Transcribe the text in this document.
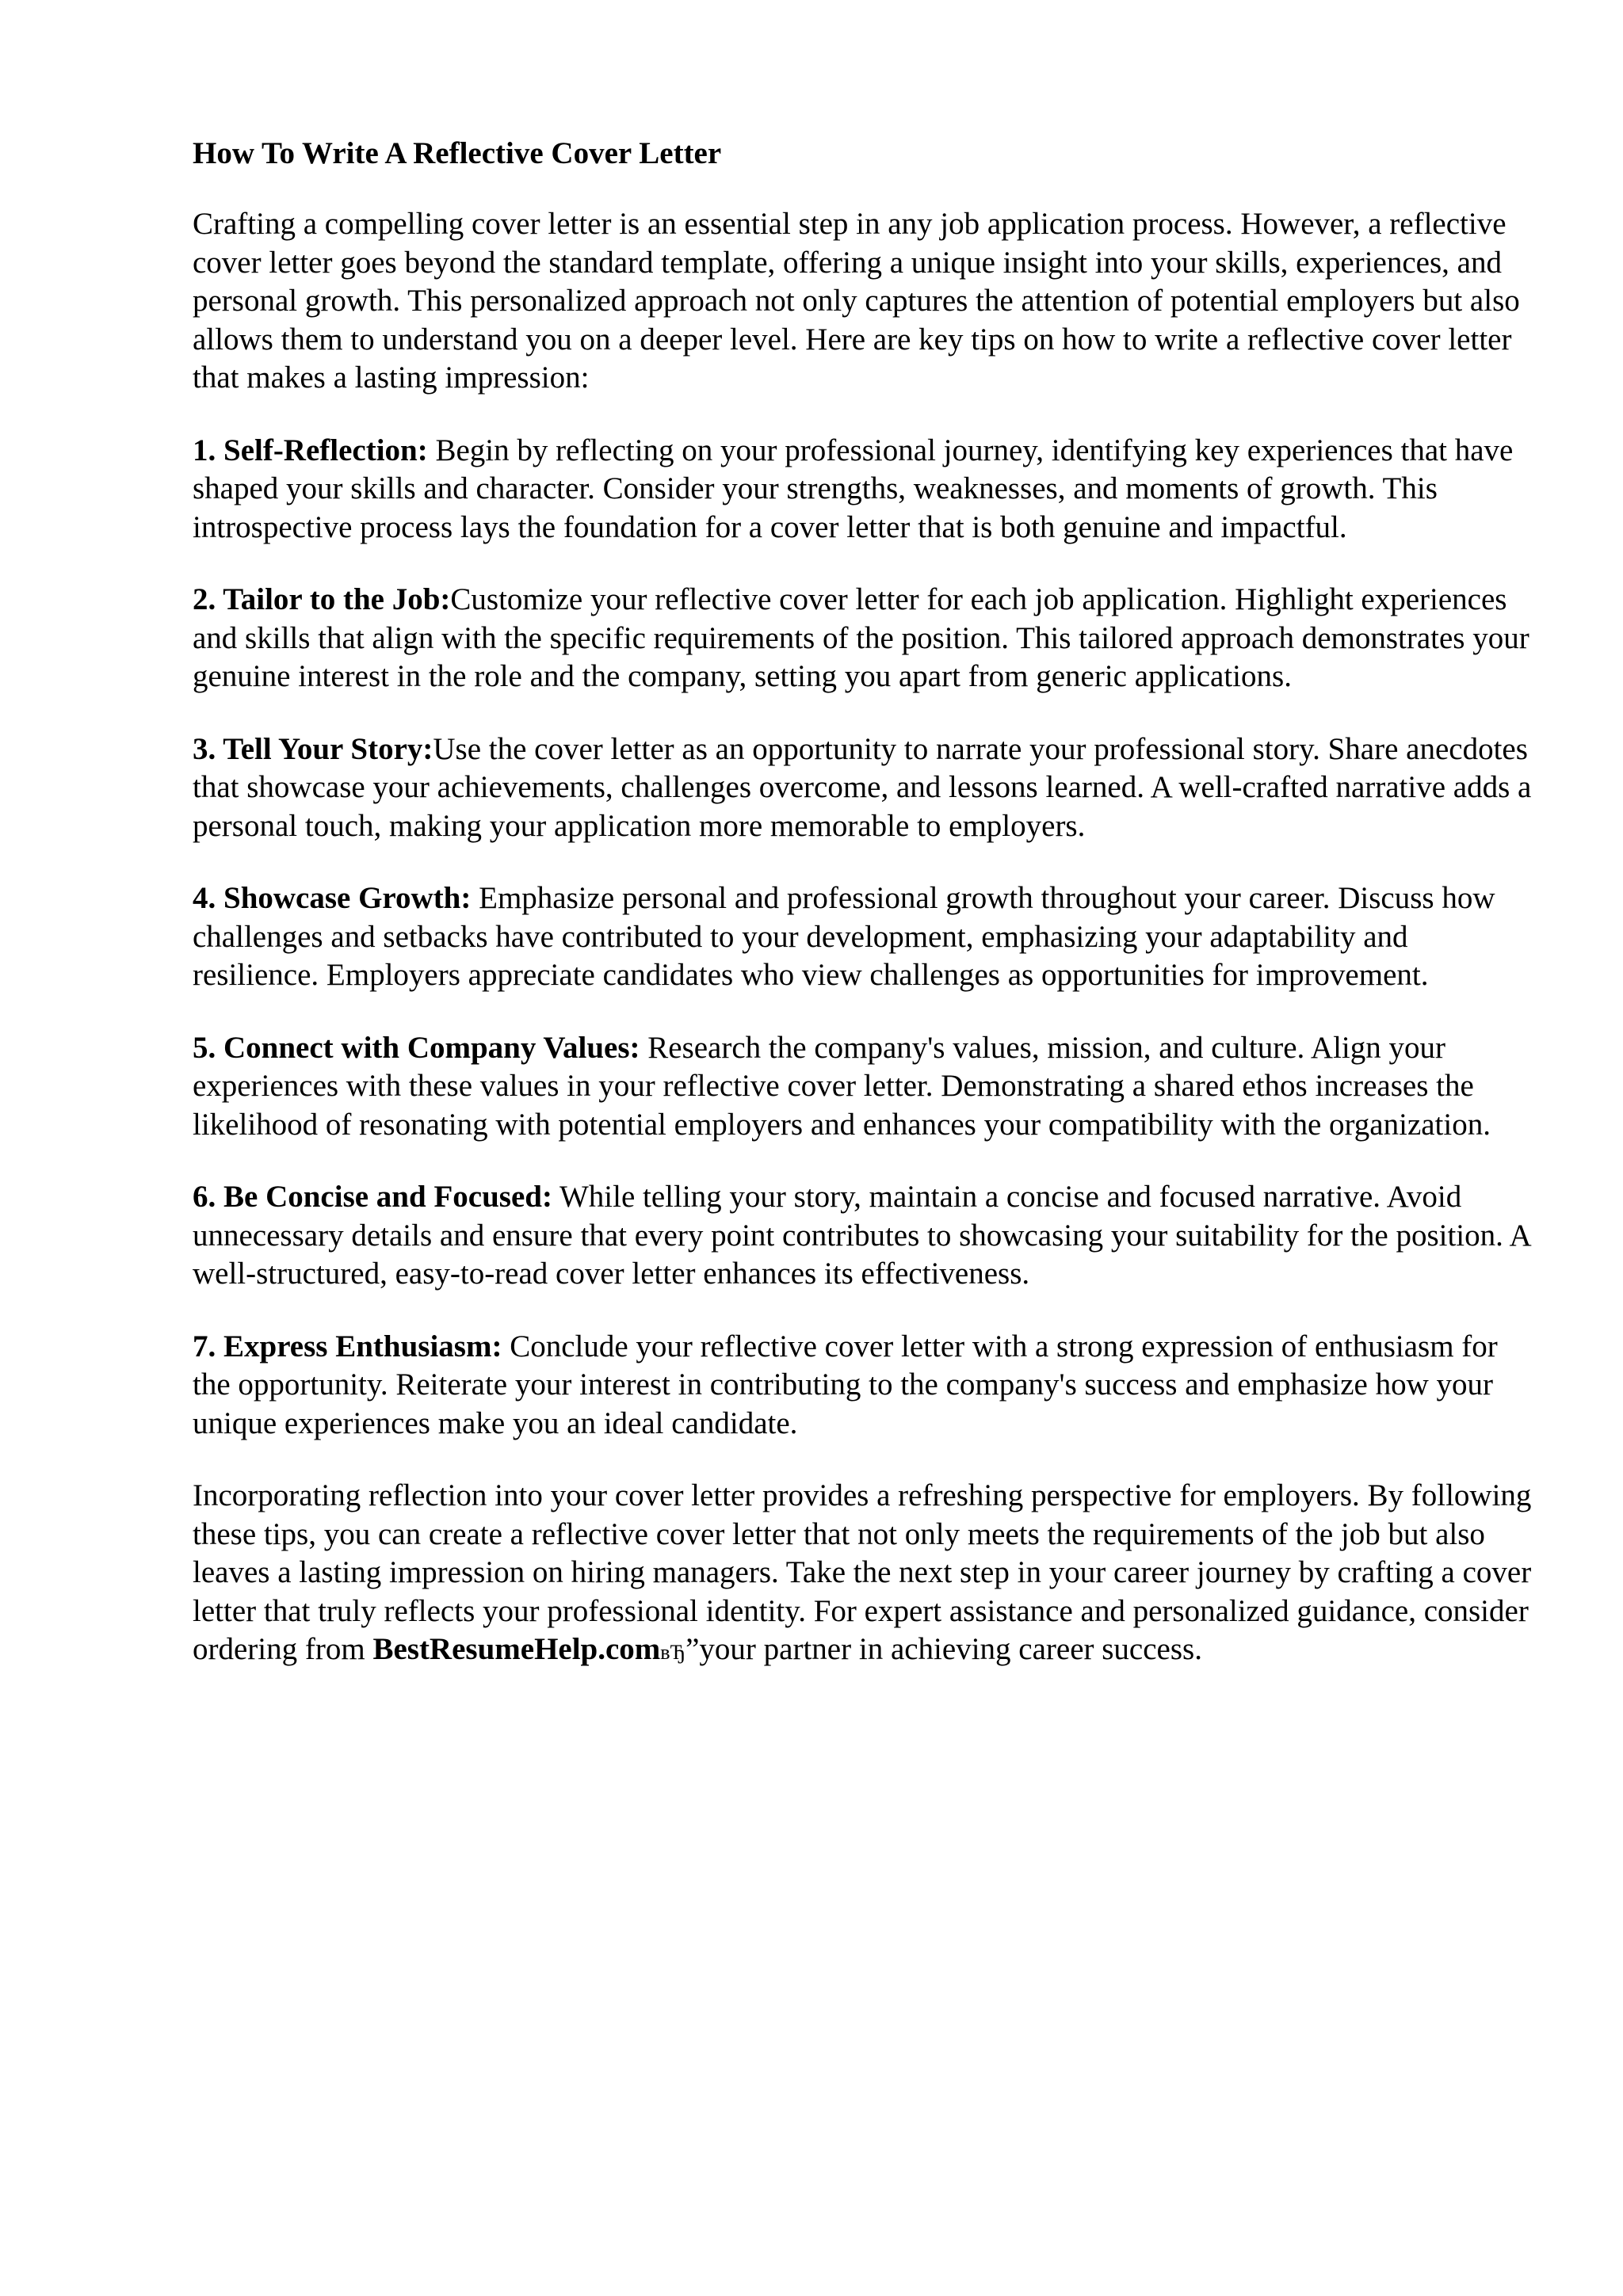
How To Write A Reflective Cover Letter

Crafting a compelling cover letter is an essential step in any job application process. However, a reflective cover letter goes beyond the standard template, offering a unique insight into your skills, experiences, and personal growth. This personalized approach not only captures the attention of potential employers but also allows them to understand you on a deeper level. Here are key tips on how to write a reflective cover letter that makes a lasting impression:

1. Self-Reflection: Begin by reflecting on your professional journey, identifying key experiences that have shaped your skills and character. Consider your strengths, weaknesses, and moments of growth. This introspective process lays the foundation for a cover letter that is both genuine and impactful.

2. Tailor to the Job:Customize your reflective cover letter for each job application. Highlight experiences and skills that align with the specific requirements of the position. This tailored approach demonstrates your genuine interest in the role and the company, setting you apart from generic applications.

3. Tell Your Story:Use the cover letter as an opportunity to narrate your professional story. Share anecdotes that showcase your achievements, challenges overcome, and lessons learned. A well-crafted narrative adds a personal touch, making your application more memorable to employers.

4. Showcase Growth: Emphasize personal and professional growth throughout your career. Discuss how challenges and setbacks have contributed to your development, emphasizing your adaptability and resilience. Employers appreciate candidates who view challenges as opportunities for improvement.

5. Connect with Company Values: Research the company's values, mission, and culture. Align your experiences with these values in your reflective cover letter. Demonstrating a shared ethos increases the likelihood of resonating with potential employers and enhances your compatibility with the organization.

6. Be Concise and Focused: While telling your story, maintain a concise and focused narrative. Avoid unnecessary details and ensure that every point contributes to showcasing your suitability for the position. A well-structured, easy-to-read cover letter enhances its effectiveness.

7. Express Enthusiasm: Conclude your reflective cover letter with a strong expression of enthusiasm for the opportunity. Reiterate your interest in contributing to the company's success and emphasize how your unique experiences make you an ideal candidate.

Incorporating reflection into your cover letter provides a refreshing perspective for employers. By following these tips, you can create a reflective cover letter that not only meets the requirements of the job but also leaves a lasting impression on hiring managers. Take the next step in your career journey by crafting a cover letter that truly reflects your professional identity. For expert assistance and personalized guidance, consider ordering from BestResumeHelp.comвЂ”your partner in achieving career success.
